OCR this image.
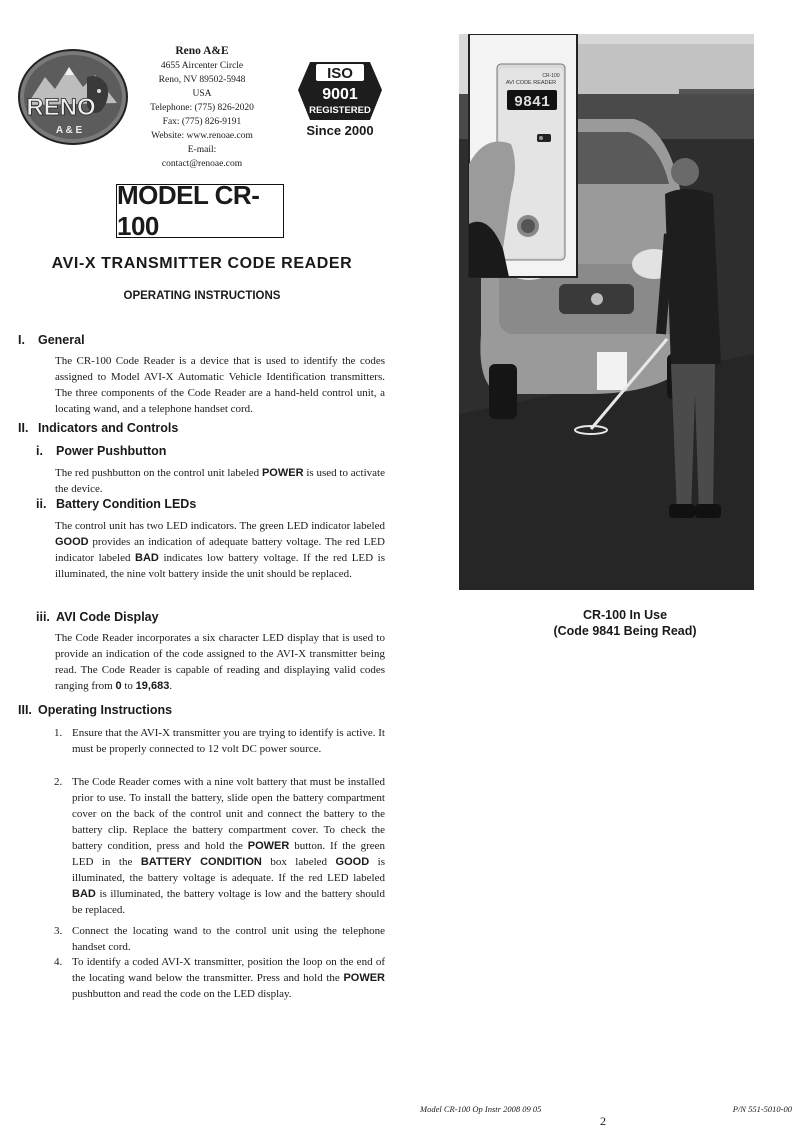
RENO
A & E
Reno A&E
4655 Aircenter Circle
Reno, NV 89502-5948 USA
Telephone: (775) 826-2020
Fax: (775) 826-9191
Website: www.renoae.com
E-mail: contact@renoae.com
ISO
9001
REGISTERED
Since 2000
MODEL CR-100
AVI-X TRANSMITTER CODE READER
OPERATING INSTRUCTIONS
I. General
The CR-100 Code Reader is a device that is used to identify the codes assigned to Model AVI-X Automatic Vehicle Identification transmitters. The three components of the Code Reader are a hand-held control unit, a locating wand, and a telephone handset cord.
II. Indicators and Controls
i. Power Pushbutton
The red pushbutton on the control unit labeled POWER is used to activate the device.
ii. Battery Condition LEDs
The control unit has two LED indicators. The green LED indicator labeled GOOD provides an indication of adequate battery voltage. The red LED indicator labeled BAD indicates low battery voltage. If the red LED is illuminated, the nine volt battery inside the unit should be replaced.
iii. AVI Code Display
The Code Reader incorporates a six character LED display that is used to provide an indication of the code assigned to the AVI-X transmitter being read. The Code Reader is capable of reading and displaying valid codes ranging from 0 to 19,683.
III. Operating Instructions
1. Ensure that the AVI-X transmitter you are trying to identify is active. It must be properly connected to 12 volt DC power source.
2. The Code Reader comes with a nine volt battery that must be installed prior to use. To install the battery, slide open the battery compartment cover on the back of the control unit and connect the battery to the battery clip. Replace the battery compartment cover. To check the battery condition, press and hold the POWER button. If the green LED in the BATTERY CONDITION box labeled GOOD is illuminated, the battery voltage is adequate. If the red LED labeled BAD is illuminated, the battery voltage is low and the battery should be replaced.
3. Connect the locating wand to the control unit using the telephone handset cord.
4. To identify a coded AVI-X transmitter, position the loop on the end of the locating wand below the transmitter. Press and hold the POWER pushbutton and read the code on the LED display.
AVI CODE READER
CR-100
9841
CR-100 In Use
(Code 9841 Being Read)
Model CR-100 Op Instr 2008 09 05	P/N 551-5010-00
2
